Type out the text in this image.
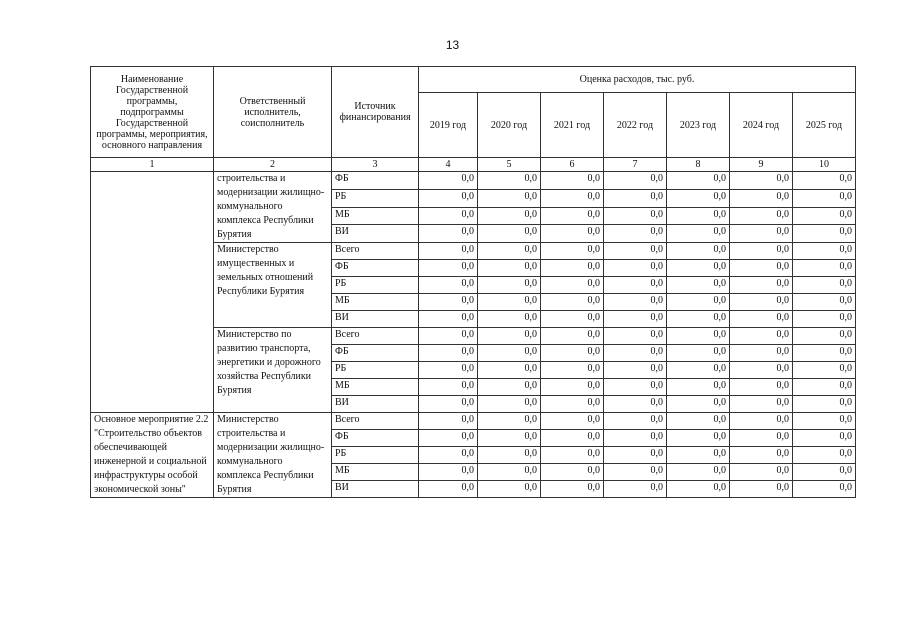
13
Наименование Государственной программы, подпрограммы Государственной программы, мероприятия, основного направления	Ответственный исполнитель, соисполнитель	Источник финансирования	Оценка расходов, тыс. руб.						
			2019 год	2020 год	2021 год	2022 год	2023 год	2024 год	2025 год
1	2	3	4	5	6	7	8	9	10
	строительства и модернизации жилищно-коммунального комплекса Республики Бурятия	ФБ	0,0	0,0	0,0	0,0	0,0	0,0	0,0
		РБ	0,0	0,0	0,0	0,0	0,0	0,0	0,0
		МБ	0,0	0,0	0,0	0,0	0,0	0,0	0,0
		ВИ	0,0	0,0	0,0	0,0	0,0	0,0	0,0
	Министерство имущественных и земельных отношений Республики Бурятия	Всего	0,0	0,0	0,0	0,0	0,0	0,0	0,0
		ФБ	0,0	0,0	0,0	0,0	0,0	0,0	0,0
		РБ	0,0	0,0	0,0	0,0	0,0	0,0	0,0
		МБ	0,0	0,0	0,0	0,0	0,0	0,0	0,0
		ВИ	0,0	0,0	0,0	0,0	0,0	0,0	0,0
	Министерство по развитию транспорта, энергетики и дорожного хозяйства Республики Бурятия	Всего	0,0	0,0	0,0	0,0	0,0	0,0	0,0
		ФБ	0,0	0,0	0,0	0,0	0,0	0,0	0,0
		РБ	0,0	0,0	0,0	0,0	0,0	0,0	0,0
		МБ	0,0	0,0	0,0	0,0	0,0	0,0	0,0
		ВИ	0,0	0,0	0,0	0,0	0,0	0,0	0,0
Основное мероприятие 2.2 "Строительство объектов обеспечивающей инженерной и социальной инфраструктуры особой экономической зоны"	Министерство строительства и модернизации жилищно-коммунального комплекса Республики Бурятия	Всего	0,0	0,0	0,0	0,0	0,0	0,0	0,0
		ФБ	0,0	0,0	0,0	0,0	0,0	0,0	0,0
		РБ	0,0	0,0	0,0	0,0	0,0	0,0	0,0
		МБ	0,0	0,0	0,0	0,0	0,0	0,0	0,0
		ВИ	0,0	0,0	0,0	0,0	0,0	0,0	0,0
